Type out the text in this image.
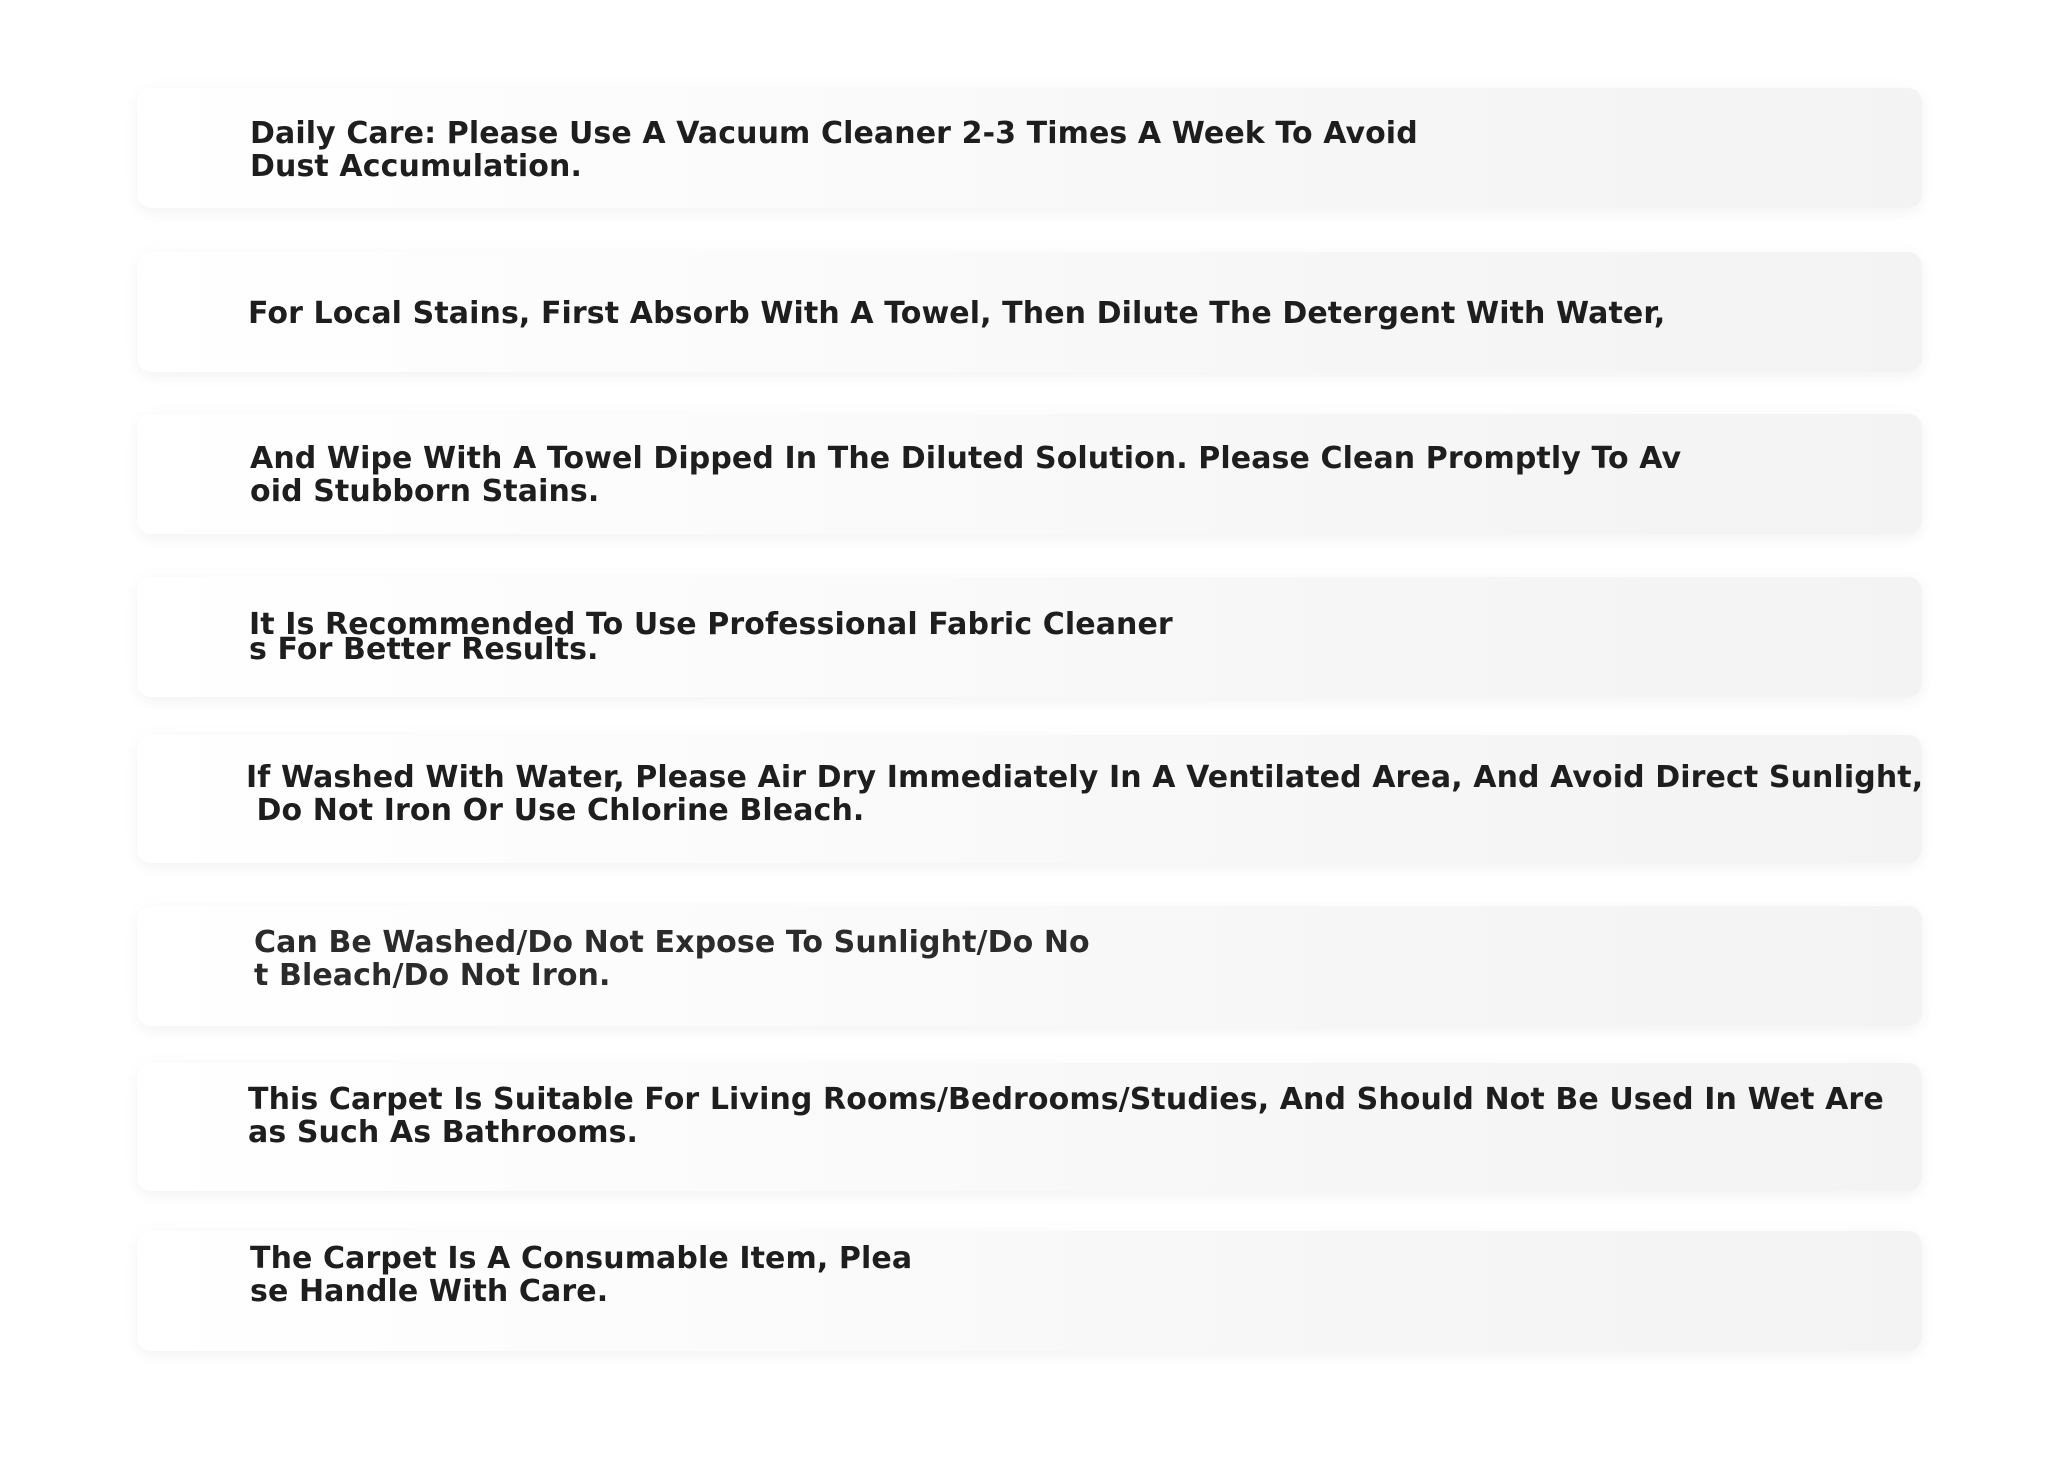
Daily Care: Please Use A Vacuum Cleaner 2-3 Times A Week To Avoid
Dust Accumulation.

For Local Stains, First Absorb With A Towel, Then Dilute The Detergent With Water,

And Wipe With A Towel Dipped In The Diluted Solution. Please Clean Promptly To Av
oid Stubborn Stains.

It Is Recommended To Use Professional Fabric Cleaner
s For Better Results.

If Washed With Water, Please Air Dry Immediately In A Ventilated Area, And Avoid Direct Sunlight,
Do Not Iron Or Use Chlorine Bleach.

Can Be Washed/Do Not Expose To Sunlight/Do No
t Bleach/Do Not Iron.

This Carpet Is Suitable For Living Rooms/Bedrooms/Studies, And Should Not Be Used In Wet Are
as Such As Bathrooms.

The Carpet Is A Consumable Item, Plea
se Handle With Care.
